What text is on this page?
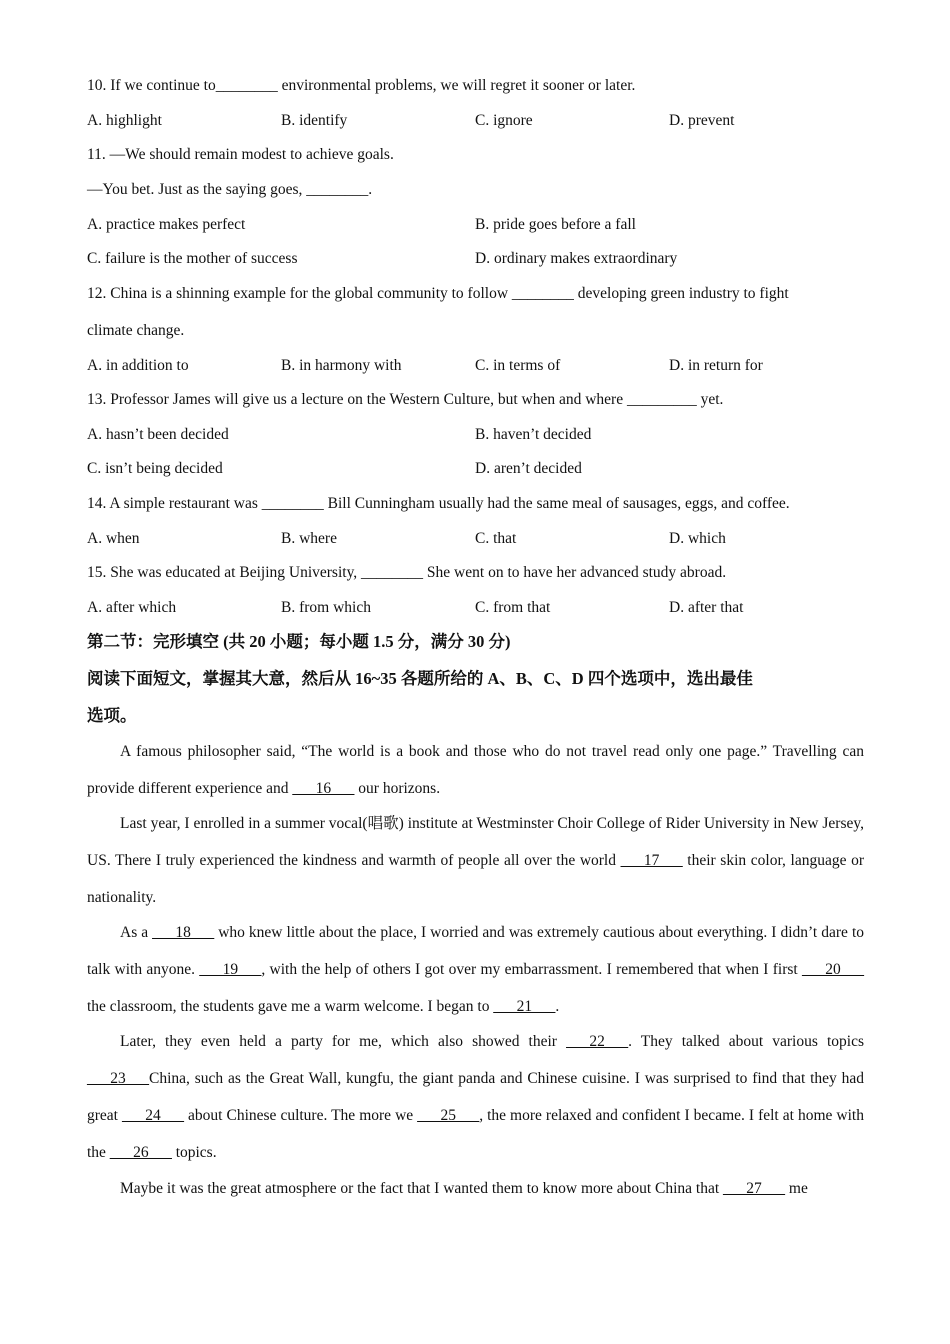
10. If we continue to________ environmental problems, we will regret it sooner or later.
A. highlight	B. identify	C. ignore	D. prevent
11. —We should remain modest to achieve goals.
—You bet. Just as the saying goes, ________.
A. practice makes perfect	B. pride goes before a fall
C. failure is the mother of success	D. ordinary makes extraordinary
12. China is a shinning example for the global community to follow ________ developing green industry to fight
climate change.
A. in addition to	B. in harmony with	C. in terms of	D. in return for
13. Professor James will give us a lecture on the Western Culture, but when and where _________ yet.
A. hasn’t been decided	B. haven’t decided
C. isn’t being decided	D. aren’t decided
14. A simple restaurant was ________ Bill Cunningham usually had the same meal of sausages, eggs, and coffee.
A. when	B. where	C. that	D. which
15. She was educated at Beijing University, ________ She went on to have her advanced study abroad.
A. after which	B. from which	C. from that	D. after that
第二节：完形填空 (共 20 小题；每小题 1.5 分，满分 30 分)
阅读下面短文，掌握其大意，然后从 16~35 各题所给的 A、B、C、D 四个选项中，选出最佳
选项。

A famous philosopher said, “The world is a book and those who do not travel read only one page.” Travelling can provide different experience and ___16___ our horizons.

Last year, I enrolled in a summer vocal(唱歌) institute at Westminster Choir College of Rider University in New Jersey, US. There I truly experienced the kindness and warmth of people all over the world ___17___ their skin color, language or nationality.

As a ___18___ who knew little about the place, I worried and was extremely cautious about everything. I didn’t dare to talk with anyone. ___19___, with the help of others I got over my embarrassment. I remembered that when I first ___20___ the classroom, the students gave me a warm welcome. I began to ___21___.

Later, they even held a party for me, which also showed their ___22___. They talked about various topics ___23___China, such as the Great Wall, kungfu, the giant panda and Chinese cuisine. I was surprised to find that they had great ___24___ about Chinese culture. The more we ___25___, the more relaxed and confident I became. I felt at home with the ___26___ topics.

Maybe it was the great atmosphere or the fact that I wanted them to know more about China that ___27___ me
